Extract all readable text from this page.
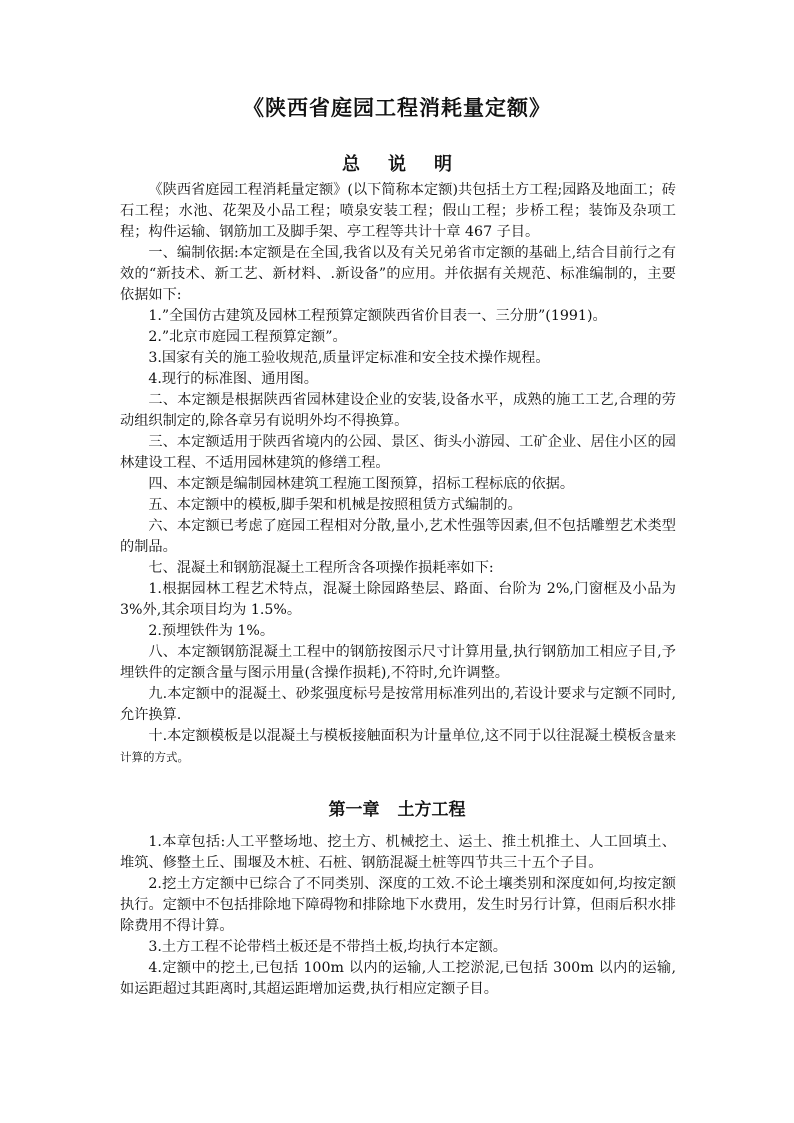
《陕西省庭园工程消耗量定额》
总 说 明

《陕西省庭园工程消耗量定额》(以下简称本定额)共包括土方工程;园路及地面工；砖石工程；水池、花架及小品工程；喷泉安装工程；假山工程；步桥工程；装饰及杂项工程；构件运输、钢筋加工及脚手架、亭工程等共计十章 467 子目。

一、编制依据:本定额是在全国,我省以及有关兄弟省市定额的基础上,结合目前行之有效的“新技术、新工艺、新材料、.新设备”的应用。并依据有关规范、标准编制的，主要依据如下:

1.”全国仿古建筑及园林工程预算定额陕西省价目表一、三分册”(1991)。

2.”北京市庭园工程预算定额”。

3.国家有关的施工验收规范,质量评定标准和安全技术操作规程。

4.现行的标准图、通用图。

二、本定额是根据陕西省园林建设企业的安装,设备水平，成熟的施工工艺,合理的劳动组织制定的,除各章另有说明外均不得换算。

三、本定额适用于陕西省境内的公园、景区、街头小游园、工矿企业、居住小区的园林建设工程、不适用园林建筑的修缮工程。

四、本定额是编制园林建筑工程施工图预算，招标工程标底的依据。

五、本定额中的模板,脚手架和机械是按照租赁方式编制的。

六、本定额已考虑了庭园工程相对分散,量小,艺术性强等因素,但不包括雕塑艺术类型的制品。

七、混凝土和钢筋混凝土工程所含各项操作损耗率如下:

1.根据园林工程艺术特点，混凝土除园路垫层、路面、台阶为 2%,门窗框及小品为 3%外,其余项目均为 1.5%。

2.预埋铁件为 1%。

八、本定额钢筋混凝土工程中的钢筋按图示尺寸计算用量,执行钢筋加工相应子目,予埋铁件的定额含量与图示用量(含操作损耗),不符时,允许调整。

九.本定额中的混凝土、砂浆强度标号是按常用标准列出的,若设计要求与定额不同时,允许换算.

十.本定额模板是以混凝土与模板接触面积为计量单位,这不同于以往混凝土模板含量来计算的方式。

第一章 土方工程

1.本章包括:人工平整场地、挖土方、机械挖土、运土、推土机推土、人工回填土、堆筑、修整土丘、围堰及木桩、石桩、钢筋混凝土桩等四节共三十五个子目。

2.挖土方定额中已综合了不同类别、深度的工效.不论土壤类别和深度如何,均按定额执行。定额中不包括排除地下障碍物和排除地下水费用，发生时另行计算，但雨后积水排除费用不得计算。

3.土方工程不论带档土板还是不带挡土板,均执行本定额。

4.定额中的挖土,已包括 100m 以内的运输,人工挖淤泥,已包括 300m 以内的运输,如运距超过其距离时,其超运距增加运费,执行相应定额子目。
